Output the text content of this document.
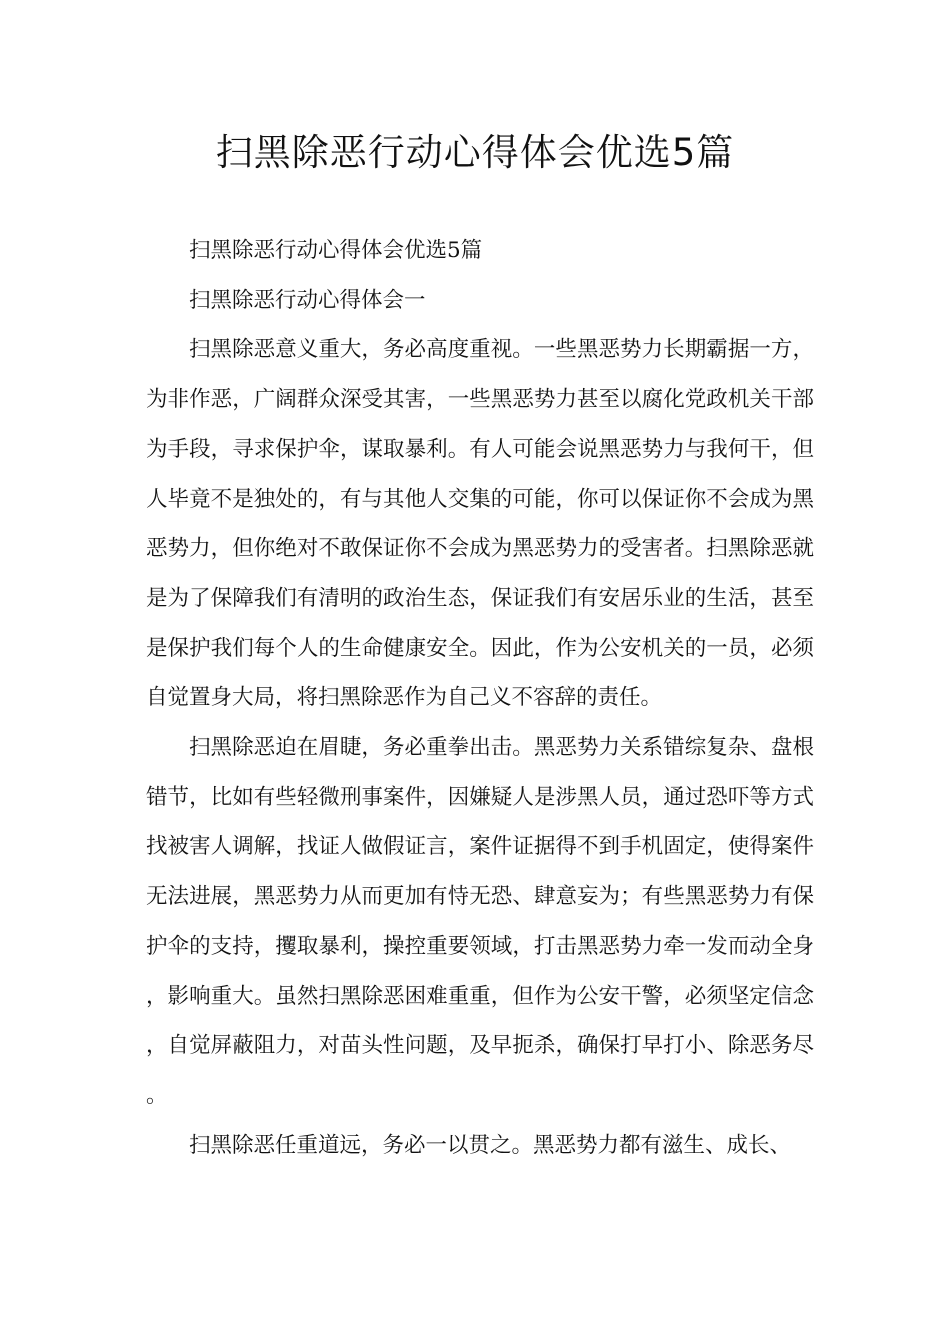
扫黑除恶行动心得体会优选5篇

扫黑除恶行动心得体会优选5篇

扫黑除恶行动心得体会一

扫黑除恶意义重大，务必高度重视。一些黑恶势力长期霸据一方，为非作恶，广阔群众深受其害，一些黑恶势力甚至以腐化党政机关干部为手段，寻求保护伞，谋取暴利。有人可能会说黑恶势力与我何干，但人毕竟不是独处的，有与其他人交集的可能，你可以保证你不会成为黑恶势力，但你绝对不敢保证你不会成为黑恶势力的受害者。扫黑除恶就是为了保障我们有清明的政治生态，保证我们有安居乐业的生活，甚至是保护我们每个人的生命健康安全。因此，作为公安机关的一员，必须自觉置身大局，将扫黑除恶作为自己义不容辞的责任。

扫黑除恶迫在眉睫，务必重拳出击。黑恶势力关系错综复杂、盘根错节，比如有些轻微刑事案件，因嫌疑人是涉黑人员，通过恐吓等方式找被害人调解，找证人做假证言，案件证据得不到手机固定，使得案件无法进展，黑恶势力从而更加有恃无恐、肆意妄为；有些黑恶势力有保护伞的支持，攫取暴利，操控重要领域，打击黑恶势力牵一发而动全身，影响重大。虽然扫黑除恶困难重重，但作为公安干警，必须坚定信念，自觉屏蔽阻力，对苗头性问题，及早扼杀，确保打早打小、除恶务尽。

扫黑除恶任重道远，务必一以贯之。黑恶势力都有滋生、成长、
